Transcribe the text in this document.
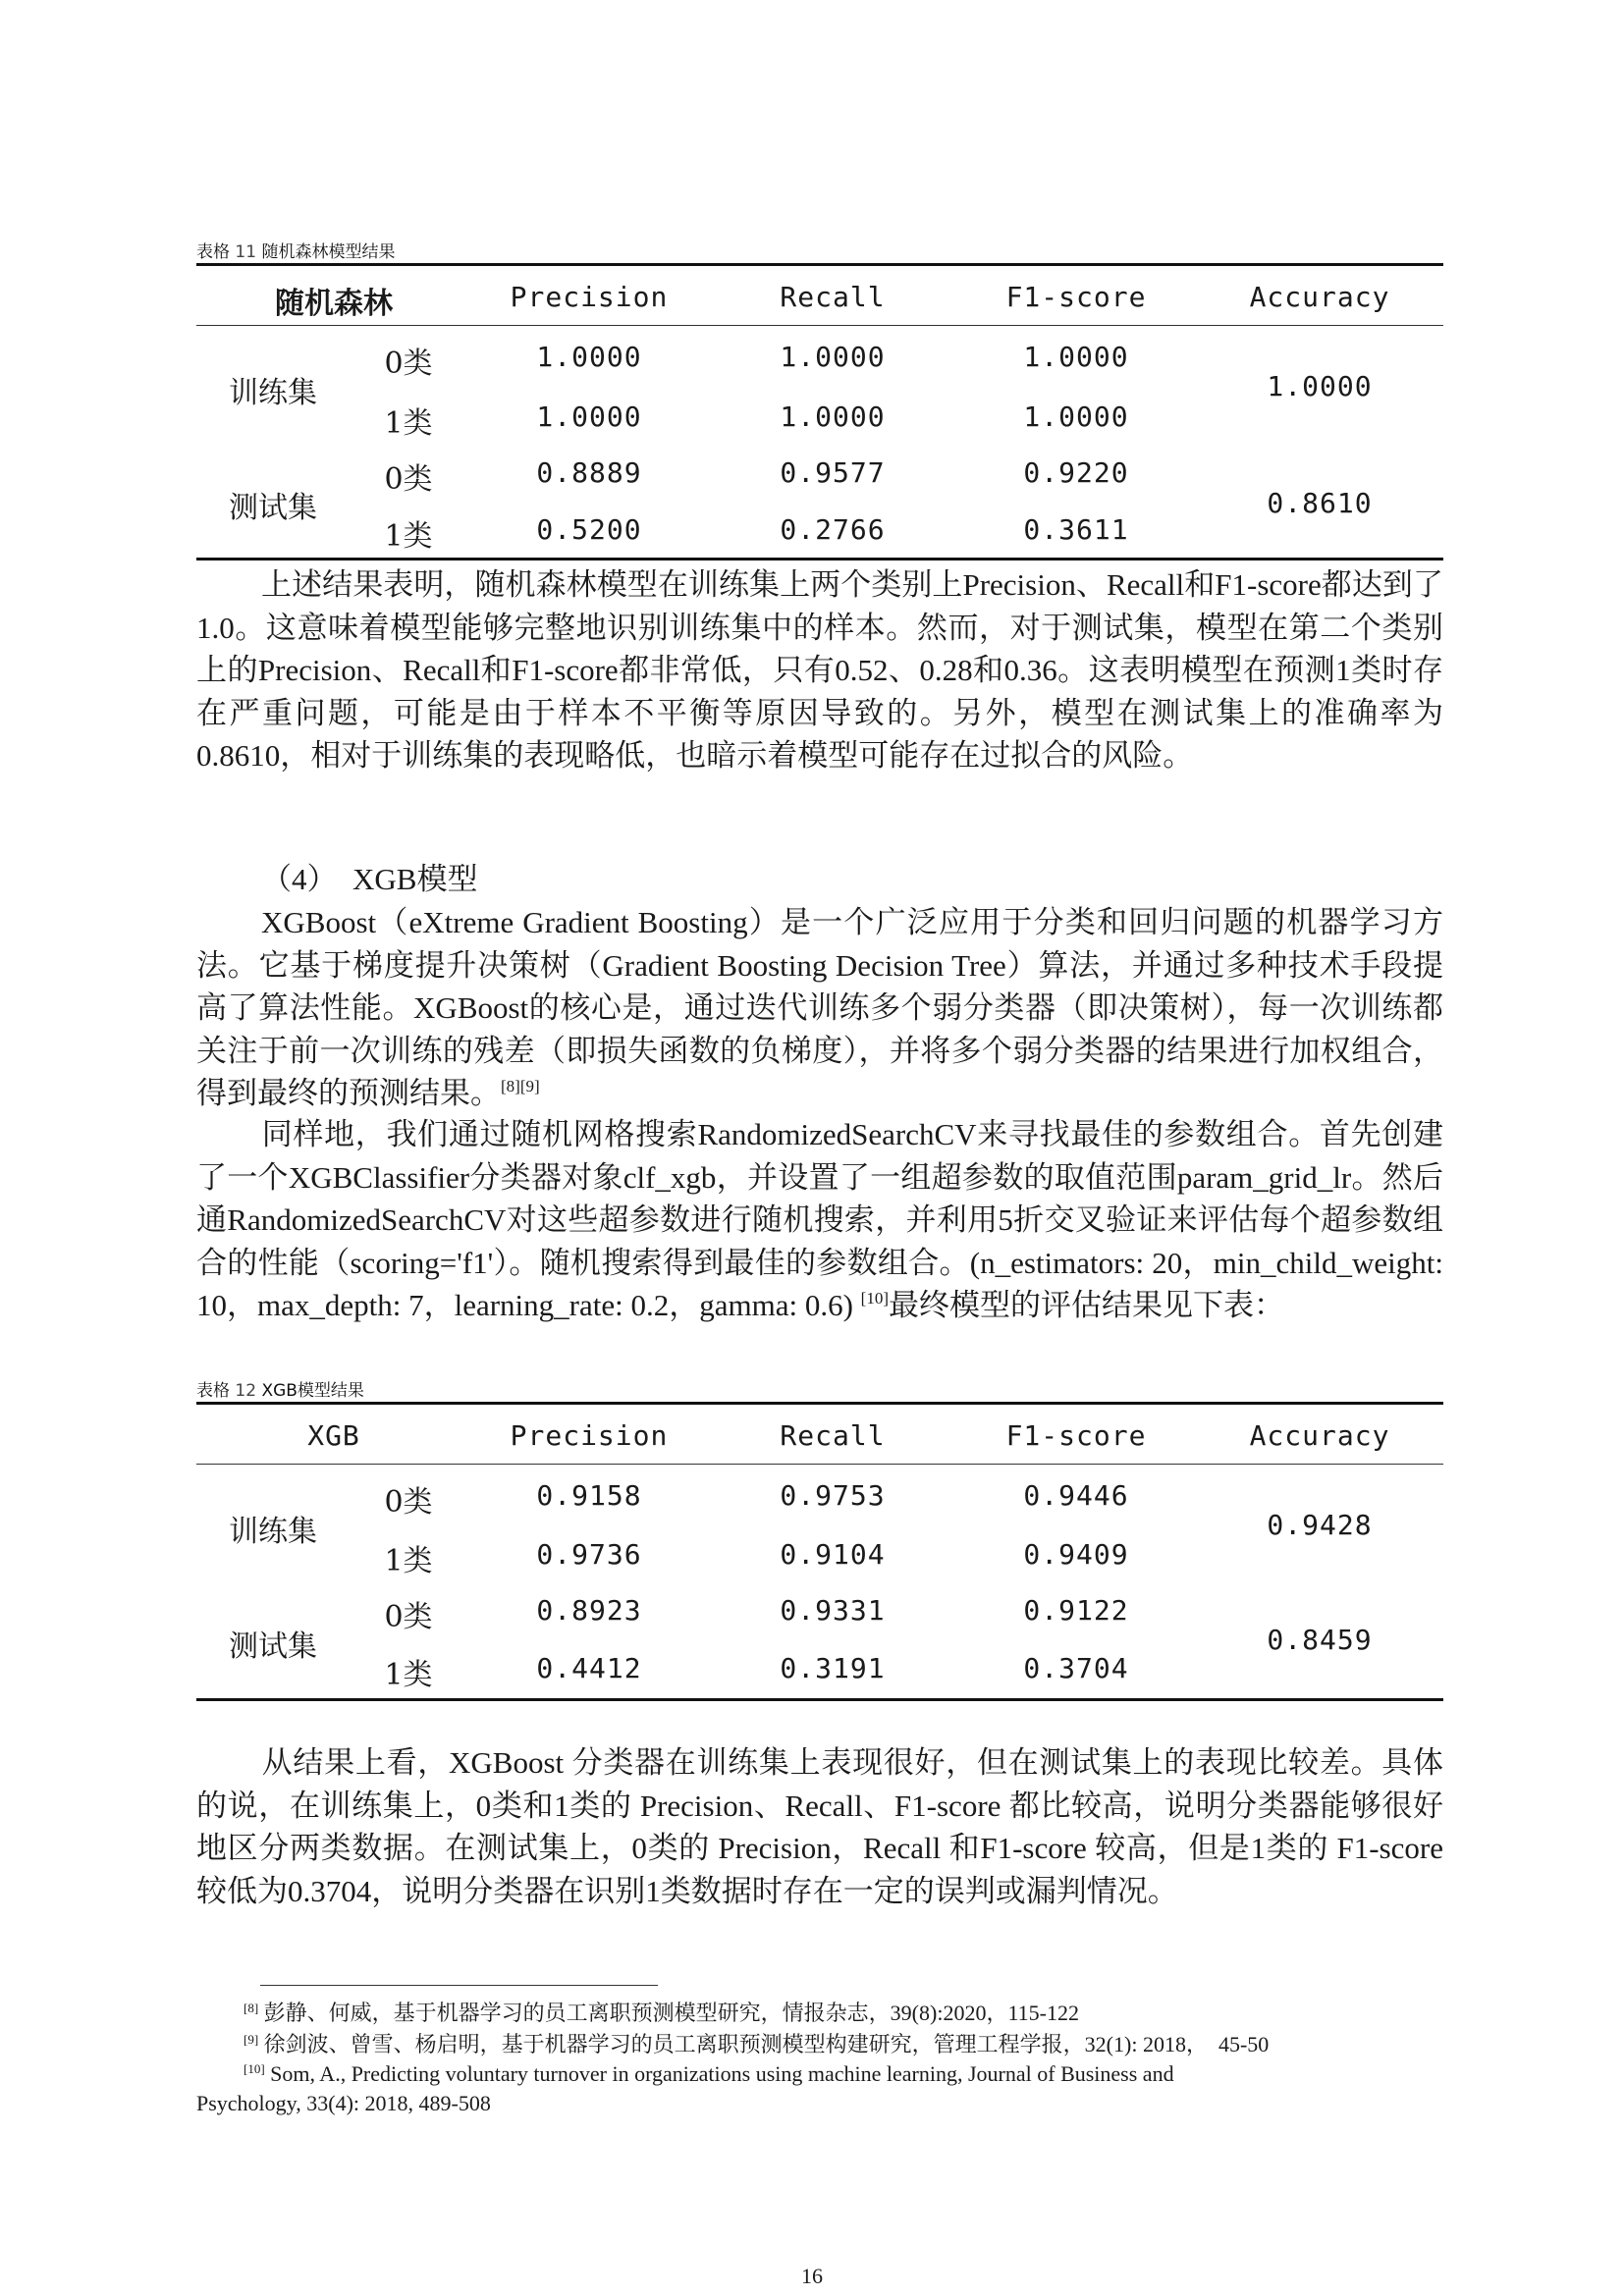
表格 11 随机森林模型结果
随机森林	Precision	Recall	F1-score	Accuracy
训练集
0类	1.0000	1.0000	1.0000
1.0000
1类	1.0000	1.0000	1.0000
测试集
0类	0.8889	0.9577	0.9220
0.8610
1类	0.5200	0.2766	0.3611

上述结果表明，随机森林模型在训练集上两个类别上Precision、Recall和F1-score都达到了1.0。这意味着模型能够完整地识别训练集中的样本。然而，对于测试集，模型在第二个类别上的Precision、Recall和F1-score都非常低，只有0.52、0.28和0.36。这表明模型在预测1类时存在严重问题，可能是由于样本不平衡等原因导致的。另外，模型在测试集上的准确率为0.8610，相对于训练集的表现略低，也暗示着模型可能存在过拟合的风险。

（4）　XGB模型

XGBoost（eXtreme Gradient Boosting）是一个广泛应用于分类和回归问题的机器学习方法。它基于梯度提升决策树（Gradient Boosting Decision Tree）算法，并通过多种技术手段提高了算法性能。XGBoost的核心是，通过迭代训练多个弱分类器（即决策树），每一次训练都关注于前一次训练的残差（即损失函数的负梯度），并将多个弱分类器的结果进行加权组合，得到最终的预测结果。[8][9]

同样地，我们通过随机网格搜索RandomizedSearchCV来寻找最佳的参数组合。首先创建了一个XGBClassifier分类器对象clf_xgb，并设置了一组超参数的取值范围param_grid_lr。然后通RandomizedSearchCV对这些超参数进行随机搜索，并利用5折交叉验证来评估每个超参数组合的性能（scoring='f1'）。随机搜索得到最佳的参数组合。(n_estimators: 20，min_child_weight: 10，max_depth: 7，learning_rate: 0.2，gamma: 0.6) [10]最终模型的评估结果见下表：

表格 12 XGB模型结果
XGB	Precision	Recall	F1-score	Accuracy
训练集
0类	0.9158	0.9753	0.9446
0.9428
1类	0.9736	0.9104	0.9409
测试集
0类	0.8923	0.9331	0.9122
0.8459
1类	0.4412	0.3191	0.3704

从结果上看，XGBoost 分类器在训练集上表现很好，但在测试集上的表现比较差。具体的说，在训练集上，0类和1类的 Precision、Recall、F1-score 都比较高，说明分类器能够很好地区分两类数据。在测试集上，0类的 Precision，Recall 和F1-score 较高，但是1类的 F1-score 较低为0.3704，说明分类器在识别1类数据时存在一定的误判或漏判情况。

[8] 彭静、何威，基于机器学习的员工离职预测模型研究，情报杂志，39(8):2020，115-122
[9] 徐剑波、曾雪、杨启明，基于机器学习的员工离职预测模型构建研究，管理工程学报，32(1): 2018，　45-50
[10] Som, A., Predicting voluntary turnover in organizations using machine learning, Journal of Business and
Psychology, 33(4): 2018, 489-508
16
